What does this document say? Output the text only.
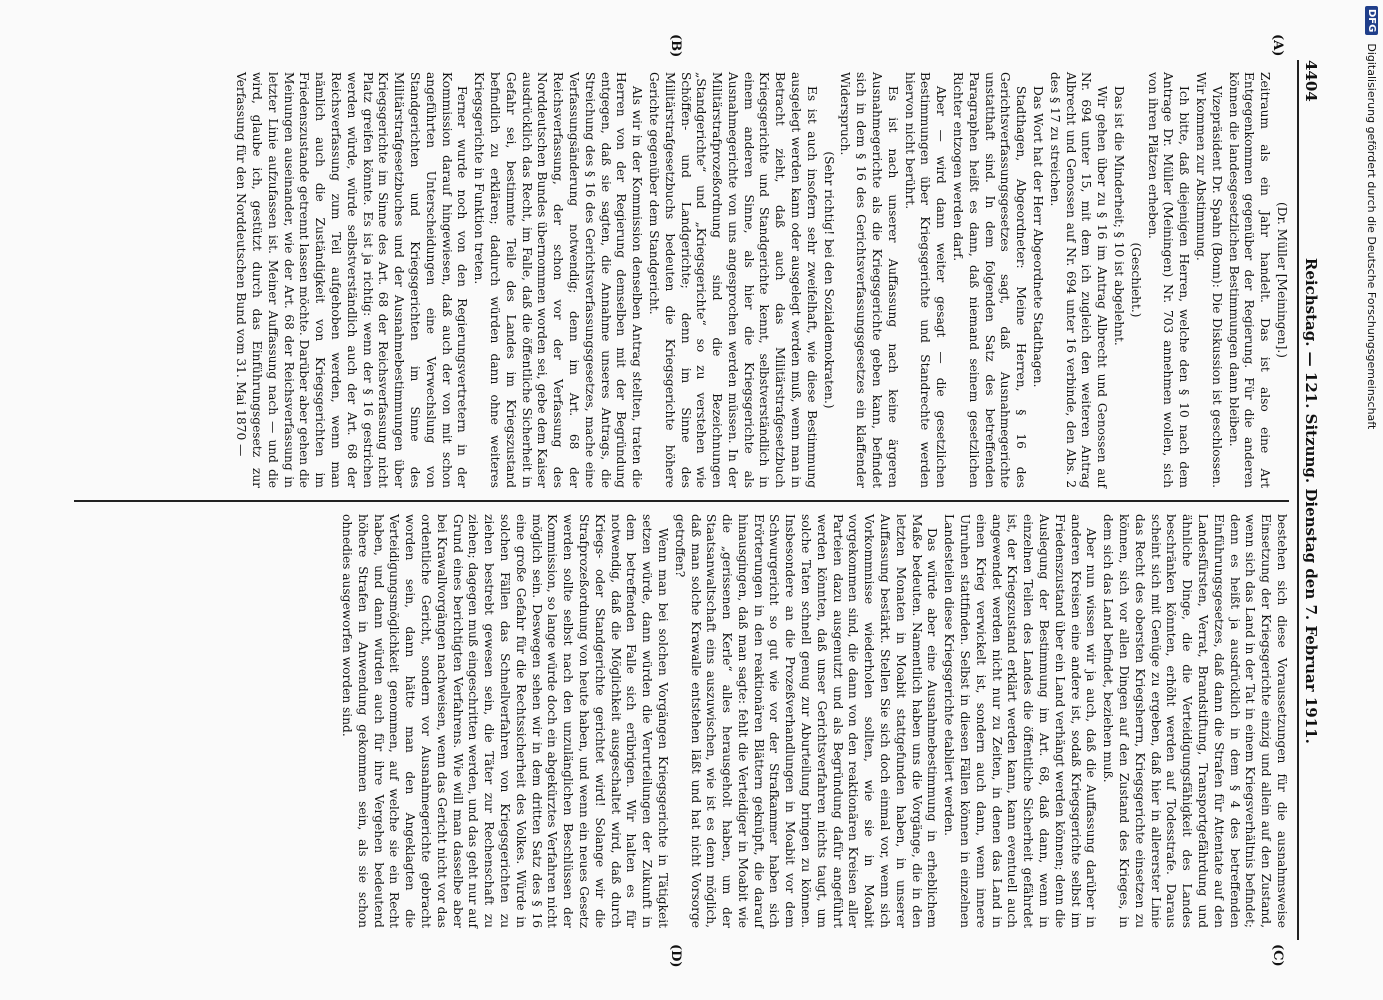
DFG
Digitalisierung gefördert durch die Deutsche Forschungsgemeinschaft
4404
Reichstag. — 121. Sitzung. Dienstag den 7. Februar 1911.
(A)
(B)
(C)
(D)

(Dr. Müller [Meiningen].)

Zeitraum als ein Jahr handelt. Das ist also eine Art Entgegenkommen gegenüber der Regierung. Für die anderen können die landesgesetzlichen Bestimmungen dann bleiben.

Vizepräsident Dr. Spahn (Bonn): Die Diskussion ist geschlossen. Wir kommen zur Abstimmung.

Ich bitte, daß diejenigen Herren, welche den § 10 nach dem Antrage Dr. Müller (Meiningen) Nr. 703 annehmen wollen, sich von ihren Plätzen erheben.

(Geschieht.)

Das ist die Minderheit; § 10 ist abgelehnt.

Wir gehen über zu § 16 im Antrag Albrecht und Genossen auf Nr. 694 unter 15, mit dem ich zugleich den weiteren Antrag Albrecht und Genossen auf Nr. 694 unter 16 verbinde, den Abs. 2 des § 17 zu streichen.

Das Wort hat der Herr Abgeordnete Stadthagen.

Stadthagen, Abgeordneter: Meine Herren, § 16 des Gerichtsverfassungsgesetzes sagt, daß Ausnahmegerichte unstatthaft sind. In dem folgenden Satz des betreffenden Paragraphen heißt es dann, daß niemand seinem gesetzlichen Richter entzogen werden darf.

Aber — wird dann weiter gesagt — die gesetzlichen Bestimmungen über Kriegsgerichte und Standrechte werden hiervon nicht berührt.

Es ist nach unserer Auffassung nach keine ärgeren Ausnahmegerichte als die Kriegsgerichte geben kann, befindet sich in dem § 16 des Gerichtsverfassungsgesetzes ein klaffender Widerspruch.

(Sehr richtig! bei den Sozialdemokraten.)

Es ist auch insofern sehr zweifelhaft, wie diese Bestimmung ausgelegt werden kann oder ausgelegt werden muß, wenn man in Betracht zieht, daß auch das Militärstrafgesetzbuch Kriegsgerichte und Standgerichte kennt, selbstverständlich in einem anderen Sinne, als hier die Kriegsgerichte als Ausnahmegerichte von uns angesprochen werden müssen. In der Militärstrafprozeßordnung sind die Bezeichnungen „Standgerichte“ und „Kriegsgerichte“ so zu verstehen wie Schöffen- und Landgerichte; denn im Sinne des Militärstrafgesetzbuchs bedeuten die Kriegsgerichte höhere Gerichte gegenüber dem Standgericht.

Als wir in der Kommission denselben Antrag stellten, traten die Herren von der Regierung demselben mit der Begründung entgegen, daß sie sagten, die Annahme unseres Antrags, die Streichung des § 16 des Gerichtsverfassungsgesetzes, mache eine Verfassungsänderung notwendig; denn im Art. 68 der Reichsverfassung, der schon vor der Verfassung des Norddeutschen Bundes übernommen worden sei, gebe dem Kaiser ausdrücklich das Recht, im Falle, daß die öffentliche Sicherheit in Gefahr sei, bestimmte Teile des Landes im Kriegszustand befindlich zu erklären; dadurch würden dann ohne weiteres Kriegsgerichte in Funktion treten.

Ferner wurde noch von den Regierungsvertretern in der Kommission darauf hingewiesen, daß auch der von mit schon angeführten Unterscheidungen eine Verwechslung von Standgerichten und Kriegsgerichten im Sinne des Militärstrafgesetzbuches und der Ausnahmebestimmungen über Kriegsgerichte im Sinne des Art. 68 der Reichsverfassung nicht Platz greifen könnte. Es ist ja richtig: wenn der § 16 gestrichen werden würde, würde selbstverständlich auch der Art. 68 der Reichsverfassung zum Teil aufgehoben werden, wenn man nämlich auch die Zuständigkeit von Kriegsgerichten im Friedenszustande getrennt lassen möchte. Darüber aber gehen die Meinungen auseinander, wie der Art. 68 der Reichsverfassung in letzter Linie aufzufassen ist. Meiner Auffassung nach — und die wird, glaube ich, gestützt durch das Einführungsgesetz zur Verfassung für den Norddeutschen Bund vom 31. Mai 1870 —

bestehen sich diese Voraussetzungen für die ausnahmsweise Einsetzung der Kriegsgerichte einzig und allein auf den Zustand, wenn sich das Land in der Tat in einem Kriegsverhältnis befindet; denn es heißt ja ausdrücklich in dem § 4 des betreffenden Einführungsgesetzes, daß dann die Strafen für Attentate auf den Landesfürsten, Verrat, Brandstiftung, Transportgefährdung und ähnliche Dinge, die die Verteidigungsfähigkeit des Landes beschränken könnten, erhöht werden auf Todesstrafe. Daraus scheint sich mit Genüge zu ergeben, daß hier in allererster Linie das Recht des obersten Kriegsherrn, Kriegsgerichte einsetzen zu können, sich vor allen Dingen auf den Zustand des Krieges, in dem sich das Land befindet, beziehen muß.

Aber nun wissen wir ja auch, daß die Auffassung darüber in anderen Kreisen eine andere ist, sodaß Kriegsgerichte selbst im Friedenszustand über ein Land verhängt werden können; denn die Auslegung der Bestimmung im Art. 68, daß dann, wenn in einzelnen Teilen des Landes die öffentliche Sicherheit gefährdet ist, der Kriegszustand erklärt werden kann, kann eventuell auch angewendet werden nicht nur zu Zeiten, in denen das Land in einen Krieg verwickelt ist, sondern auch dann, wenn innere Unruhen stattfinden. Selbst in diesen Fällen können in einzelnen Landesteilen diese Kriegsgerichte etabliert werden.

Das würde aber eine Ausnahmebestimmung in erheblichem Maße bedeuten. Namentlich haben uns die Vorgänge, die in den letzten Monaten in Moabit stattgefunden haben, in unserer Auffassung bestärkt. Stellen Sie sich doch einmal vor, wenn sich Vorkommnisse wiederholen sollten, wie sie in Moabit vorgekommen sind, die dann von den reaktionären Kreisen aller Parteien dazu ausgenutzt und als Begründung dafür angeführt werden könnten, daß unser Gerichtsverfahren nichts taugt, um solche Taten schnell genug zur Aburteilung bringen zu können. Insbesondere an die Prozeßverhandlungen in Moabit vor dem Schwurgericht so gut wie vor der Strafkammer haben sich Erörterungen in den reaktionären Blättern geknüpft, die darauf hinausgingen, daß man sagte: fehlt die Verteidiger in Moabit wie die „gerissenen Kerle“ alles herausgeholt haben, um der Staatsanwaltschaft eins auszuwischen, wie ist es denn möglich, daß man solche Krawalle entstehen läßt und hat nicht Vorsorge getroffen?

Wenn man bei solchen Vorgängen Kriegsgerichte in Tätigkeit setzen würde, dann würden die Verurteilungen der Zukunft in dem betreffenden Falle sich erübrigen. Wir halten es für notwendig, daß die Möglichkeit ausgeschaltet wird, daß durch Kriegs- oder Standgerichte gerichtet wird! Solange wir die Strafprozeßordnung von heute haben, und wenn ein neues Gesetz werden sollte selbst nach den unzulänglichen Beschlüssen der Kommission, so lange würde doch ein abgekürztes Verfahren nicht möglich sein. Deswegen sehen wir in dem dritten Satz des § 16 eine große Gefahr für die Rechtssicherheit des Volkes. Würde in solchen Fällen das Schnellverfahren von Kriegsgerichten zu ziehen bestrebt gewesen sein, die Täter zur Rechenschaft zu ziehen; dagegen muß eingeschritten werden, und das geht nur auf Grund eines berichtigten Verfahrens. Wie will man dasselbe aber bei Krawallvorgängen nachweisen, wenn das Gericht nicht vor das ordentliche Gericht, sondern vor Ausnahmegerichte gebracht worden sein, dann hätte man den Angeklagten die Verteidigungsmöglichkeit genommen, auf welche sie ein Recht haben, und dann würden auch für ihre Vergehen bedeutend höhere Strafen in Anwendung gekommen sein, als sie schon ohnedies ausgeworfen worden sind.
